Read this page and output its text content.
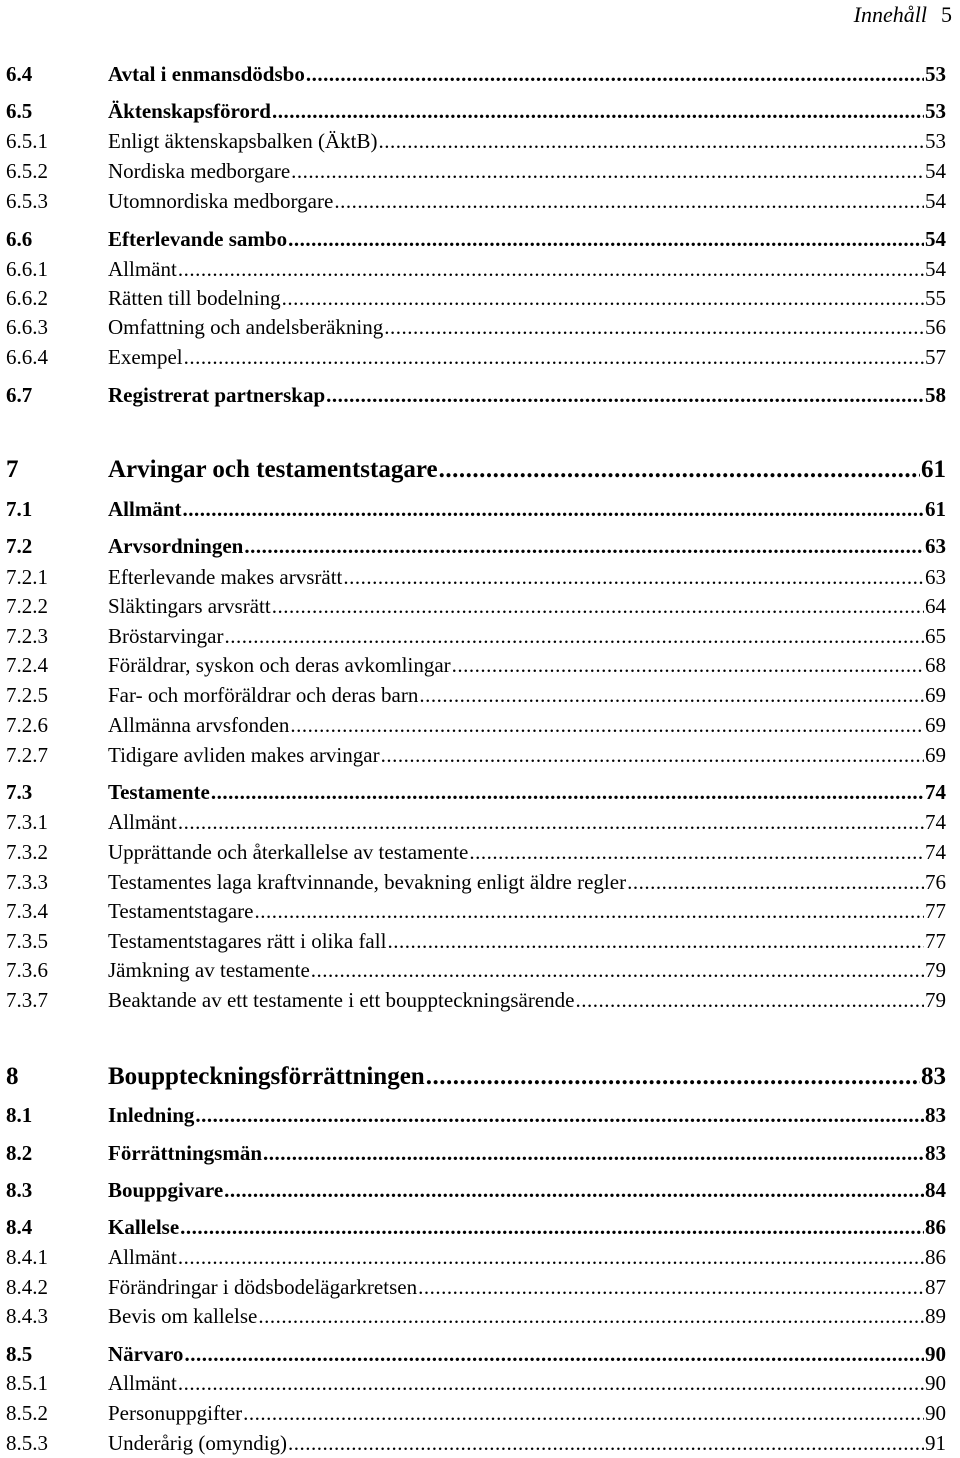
Innehåll 5
6.4	Avtal i enmansdödsbo .....	53
6.5	Äktenskapsförord .....	53
6.5.1	Enligt äktenskapsbalken (ÄktB) .....	53
6.5.2	Nordiska medborgare .....	54
6.5.3	Utomnordiska medborgare .....	54
6.6	Efterlevande sambo .....	54
6.6.1	Allmänt .....	54
6.6.2	Rätten till bodelning .....	55
6.6.3	Omfattning och andelsberäkning .....	56
6.6.4	Exempel .....	57
6.7	Registrerat partnerskap .....	58
7	Arvingar och testamentstagare .....	61
7.1	Allmänt .....	61
7.2	Arvsordningen .....	63
7.2.1	Efterlevande makes arvsrätt .....	63
7.2.2	Släktingars arvsrätt .....	64
7.2.3	Bröstarvingar .....	65
7.2.4	Föräldrar, syskon och deras avkomlingar .....	68
7.2.5	Far- och morföräldrar och deras barn .....	69
7.2.6	Allmänna arvsfonden .....	69
7.2.7	Tidigare avliden makes arvingar .....	69
7.3	Testamente .....	74
7.3.1	Allmänt .....	74
7.3.2	Upprättande och återkallelse av testamente .....	74
7.3.3	Testamentes laga kraftvinnande, bevakning enligt äldre regler .....	76
7.3.4	Testamentstagare .....	77
7.3.5	Testamentstagares rätt i olika fall .....	77
7.3.6	Jämkning av testamente .....	79
7.3.7	Beaktande av ett testamente i ett bouppteckningsärende .....	79
8	Bouppteckningsförrättningen .....	83
8.1	Inledning .....	83
8.2	Förrättningsmän .....	83
8.3	Bouppgivare .....	84
8.4	Kallelse .....	86
8.4.1	Allmänt .....	86
8.4.2	Förändringar i dödsbodelägarkretsen .....	87
8.4.3	Bevis om kallelse .....	89
8.5	Närvaro .....	90
8.5.1	Allmänt .....	90
8.5.2	Personuppgifter .....	90
8.5.3	Underårig (omyndig) .....	91
